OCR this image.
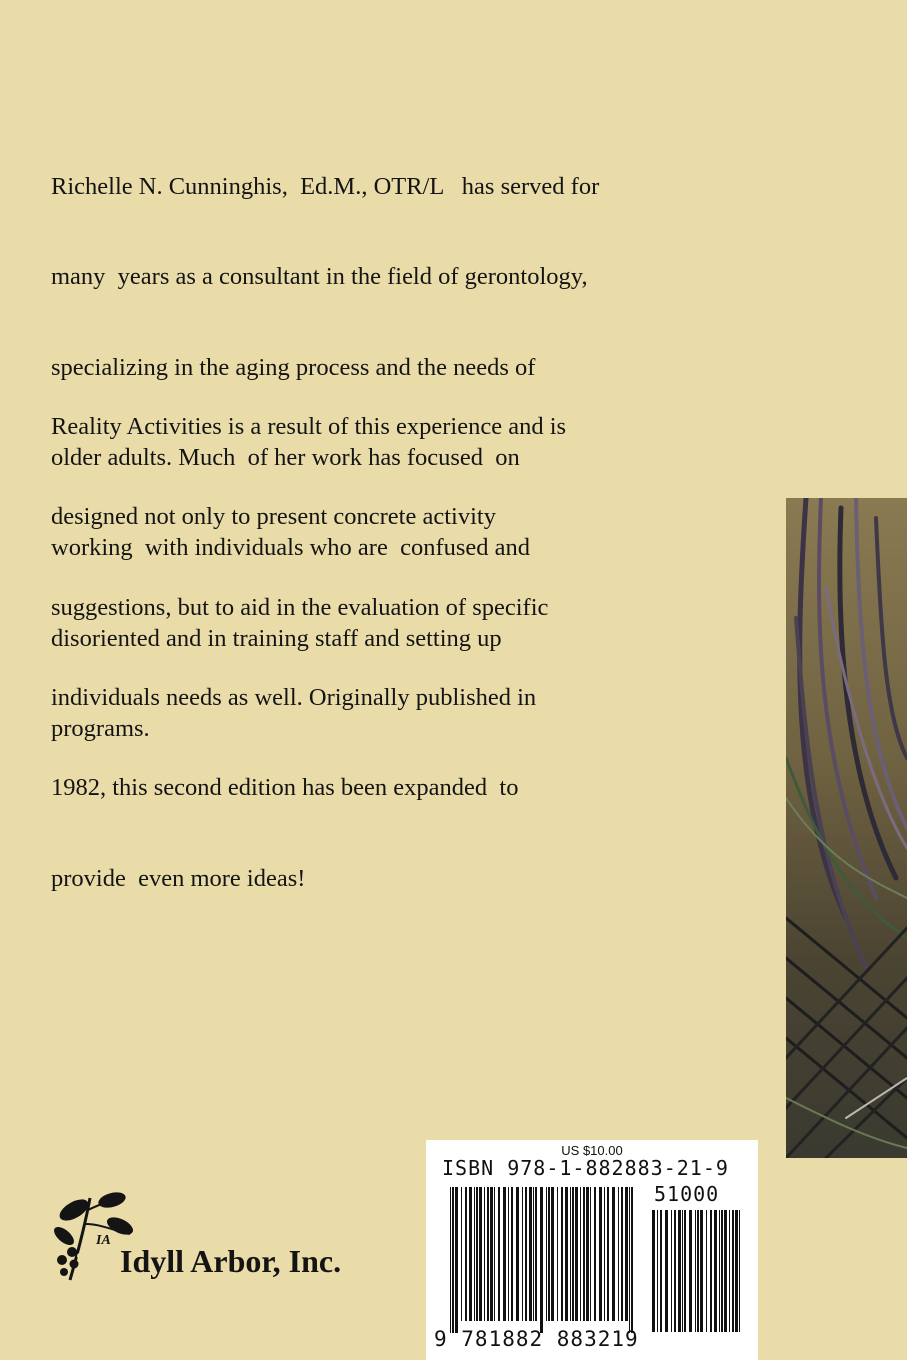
Richelle N. Cunninghis,  Ed.M., OTR/L   has served for

many  years as a consultant in the field of gerontology,

specializing in the aging process and the needs of

older adults. Much  of her work has focused  on

working  with individuals who are  confused and

disoriented and in training staff and setting up

programs.

Reality Activities is a result of this experience and is

designed not only to present concrete activity

suggestions, but to aid in the evaluation of specific

individuals needs as well. Originally published in

1982, this second edition has been expanded  to

provide  even more ideas!

US $10.00
ISBN 978-1-882883-21-9
51000
9 781882 883219
IA
Idyll Arbor, Inc.
